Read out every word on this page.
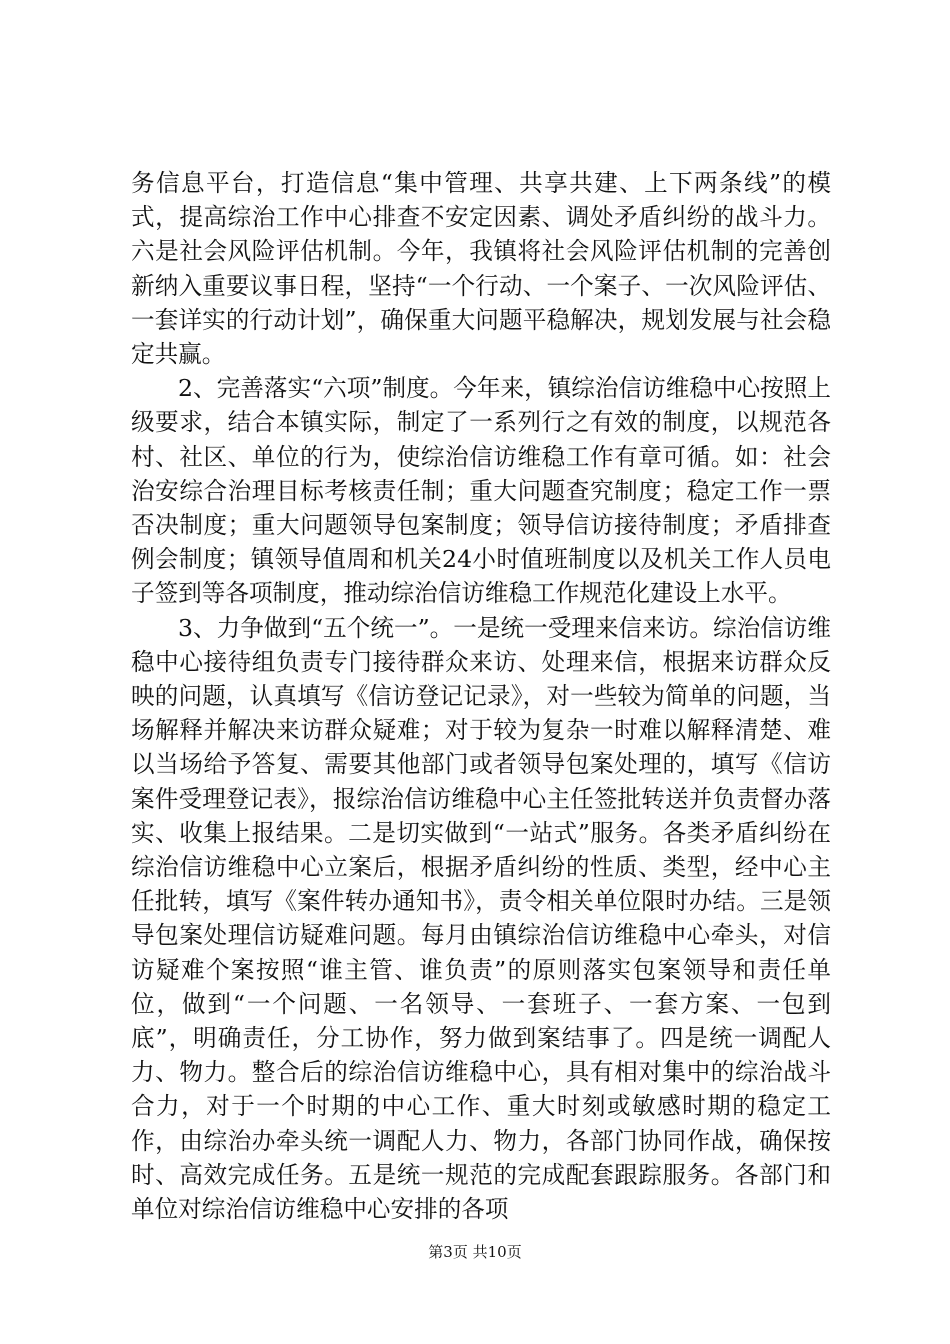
务信息平台，打造信息“集中管理、共享共建、上下两条线”的模式，提高综治工作中心排查不安定因素、调处矛盾纠纷的战斗力。六是社会风险评估机制。今年，我镇将社会风险评估机制的完善创新纳入重要议事日程，坚持“一个行动、一个案子、一次风险评估、一套详实的行动计划”，确保重大问题平稳解决，规划发展与社会稳定共赢。

2、完善落实“六项”制度。今年来，镇综治信访维稳中心按照上级要求，结合本镇实际，制定了一系列行之有效的制度，以规范各村、社区、单位的行为，使综治信访维稳工作有章可循。如：社会治安综合治理目标考核责任制；重大问题查究制度；稳定工作一票否决制度；重大问题领导包案制度；领导信访接待制度；矛盾排查例会制度；镇领导值周和机关24小时值班制度以及机关工作人员电子签到等各项制度，推动综治信访维稳工作规范化建设上水平。

3、力争做到“五个统一”。一是统一受理来信来访。综治信访维稳中心接待组负责专门接待群众来访、处理来信，根据来访群众反映的问题，认真填写《信访登记记录》，对一些较为简单的问题，当场解释并解决来访群众疑难；对于较为复杂一时难以解释清楚、难以当场给予答复、需要其他部门或者领导包案处理的，填写《信访案件受理登记表》，报综治信访维稳中心主任签批转送并负责督办落实、收集上报结果。二是切实做到“一站式”服务。各类矛盾纠纷在综治信访维稳中心立案后，根据矛盾纠纷的性质、类型，经中心主任批转，填写《案件转办通知书》，责令相关单位限时办结。三是领导包案处理信访疑难问题。每月由镇综治信访维稳中心牵头，对信访疑难个案按照“谁主管、谁负责”的原则落实包案领导和责任单位，做到“一个问题、一名领导、一套班子、一套方案、一包到底”，明确责任，分工协作，努力做到案结事了。四是统一调配人力、物力。整合后的综治信访维稳中心，具有相对集中的综治战斗合力，对于一个时期的中心工作、重大时刻或敏感时期的稳定工作，由综治办牵头统一调配人力、物力，各部门协同作战，确保按时、高效完成任务。五是统一规范的完成配套跟踪服务。各部门和单位对综治信访维稳中心安排的各项

第3页 共10页
